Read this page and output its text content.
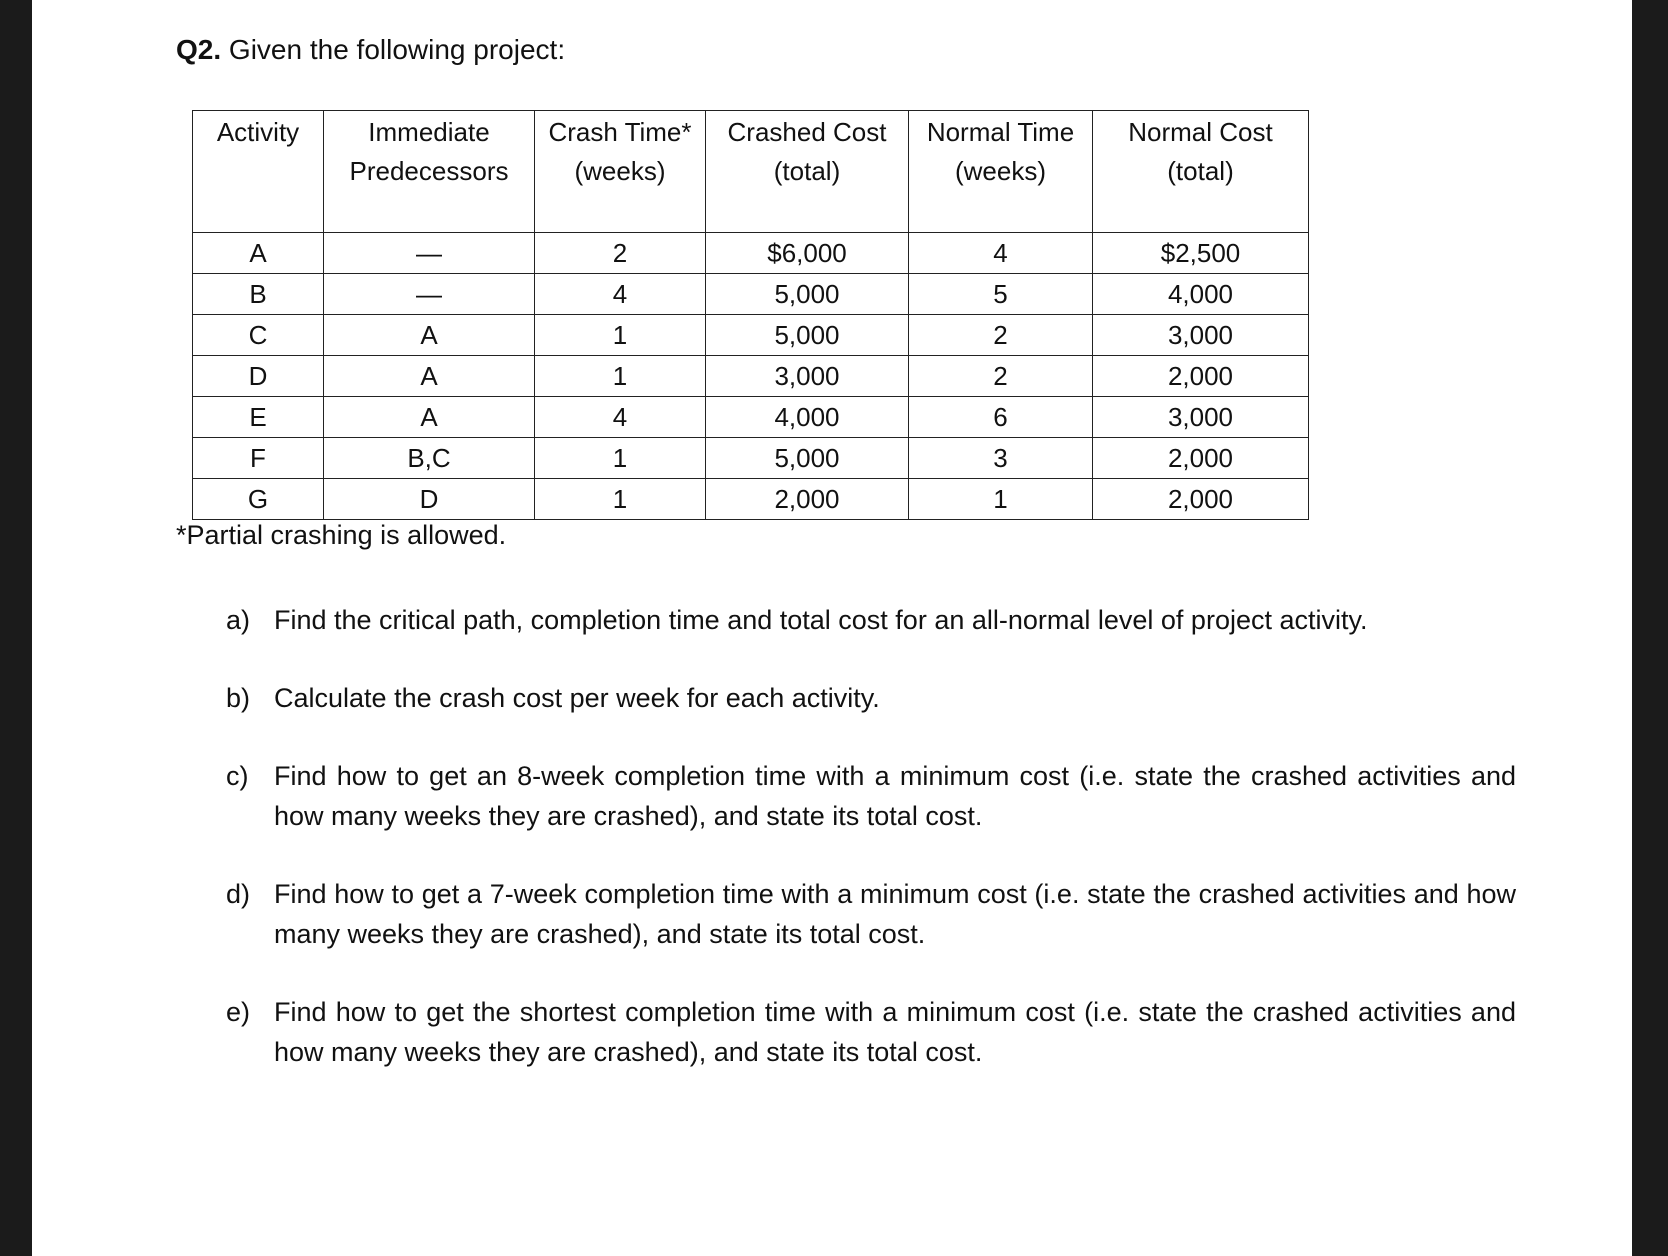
Q2. Given the following project:

Activity	Immediate Predecessors	Crash Time* (weeks)	Crashed Cost (total)	Normal Time (weeks)	Normal Cost (total)
A	—	2	$6,000	4	$2,500
B	—	4	5,000	5	4,000
C	A	1	5,000	2	3,000
D	A	1	3,000	2	2,000
E	A	4	4,000	6	3,000
F	B,C	1	5,000	3	2,000
G	D	1	2,000	1	2,000

*Partial crashing is allowed.

a) Find the critical path, completion time and total cost for an all-normal level of project activity.
b) Calculate the crash cost per week for each activity.
c) Find how to get an 8-week completion time with a minimum cost (i.e. state the crashed activities and how many weeks they are crashed), and state its total cost.
d) Find how to get a 7-week completion time with a minimum cost (i.e. state the crashed activities and how many weeks they are crashed), and state its total cost.
e) Find how to get the shortest completion time with a minimum cost (i.e. state the crashed activities and how many weeks they are crashed), and state its total cost.
